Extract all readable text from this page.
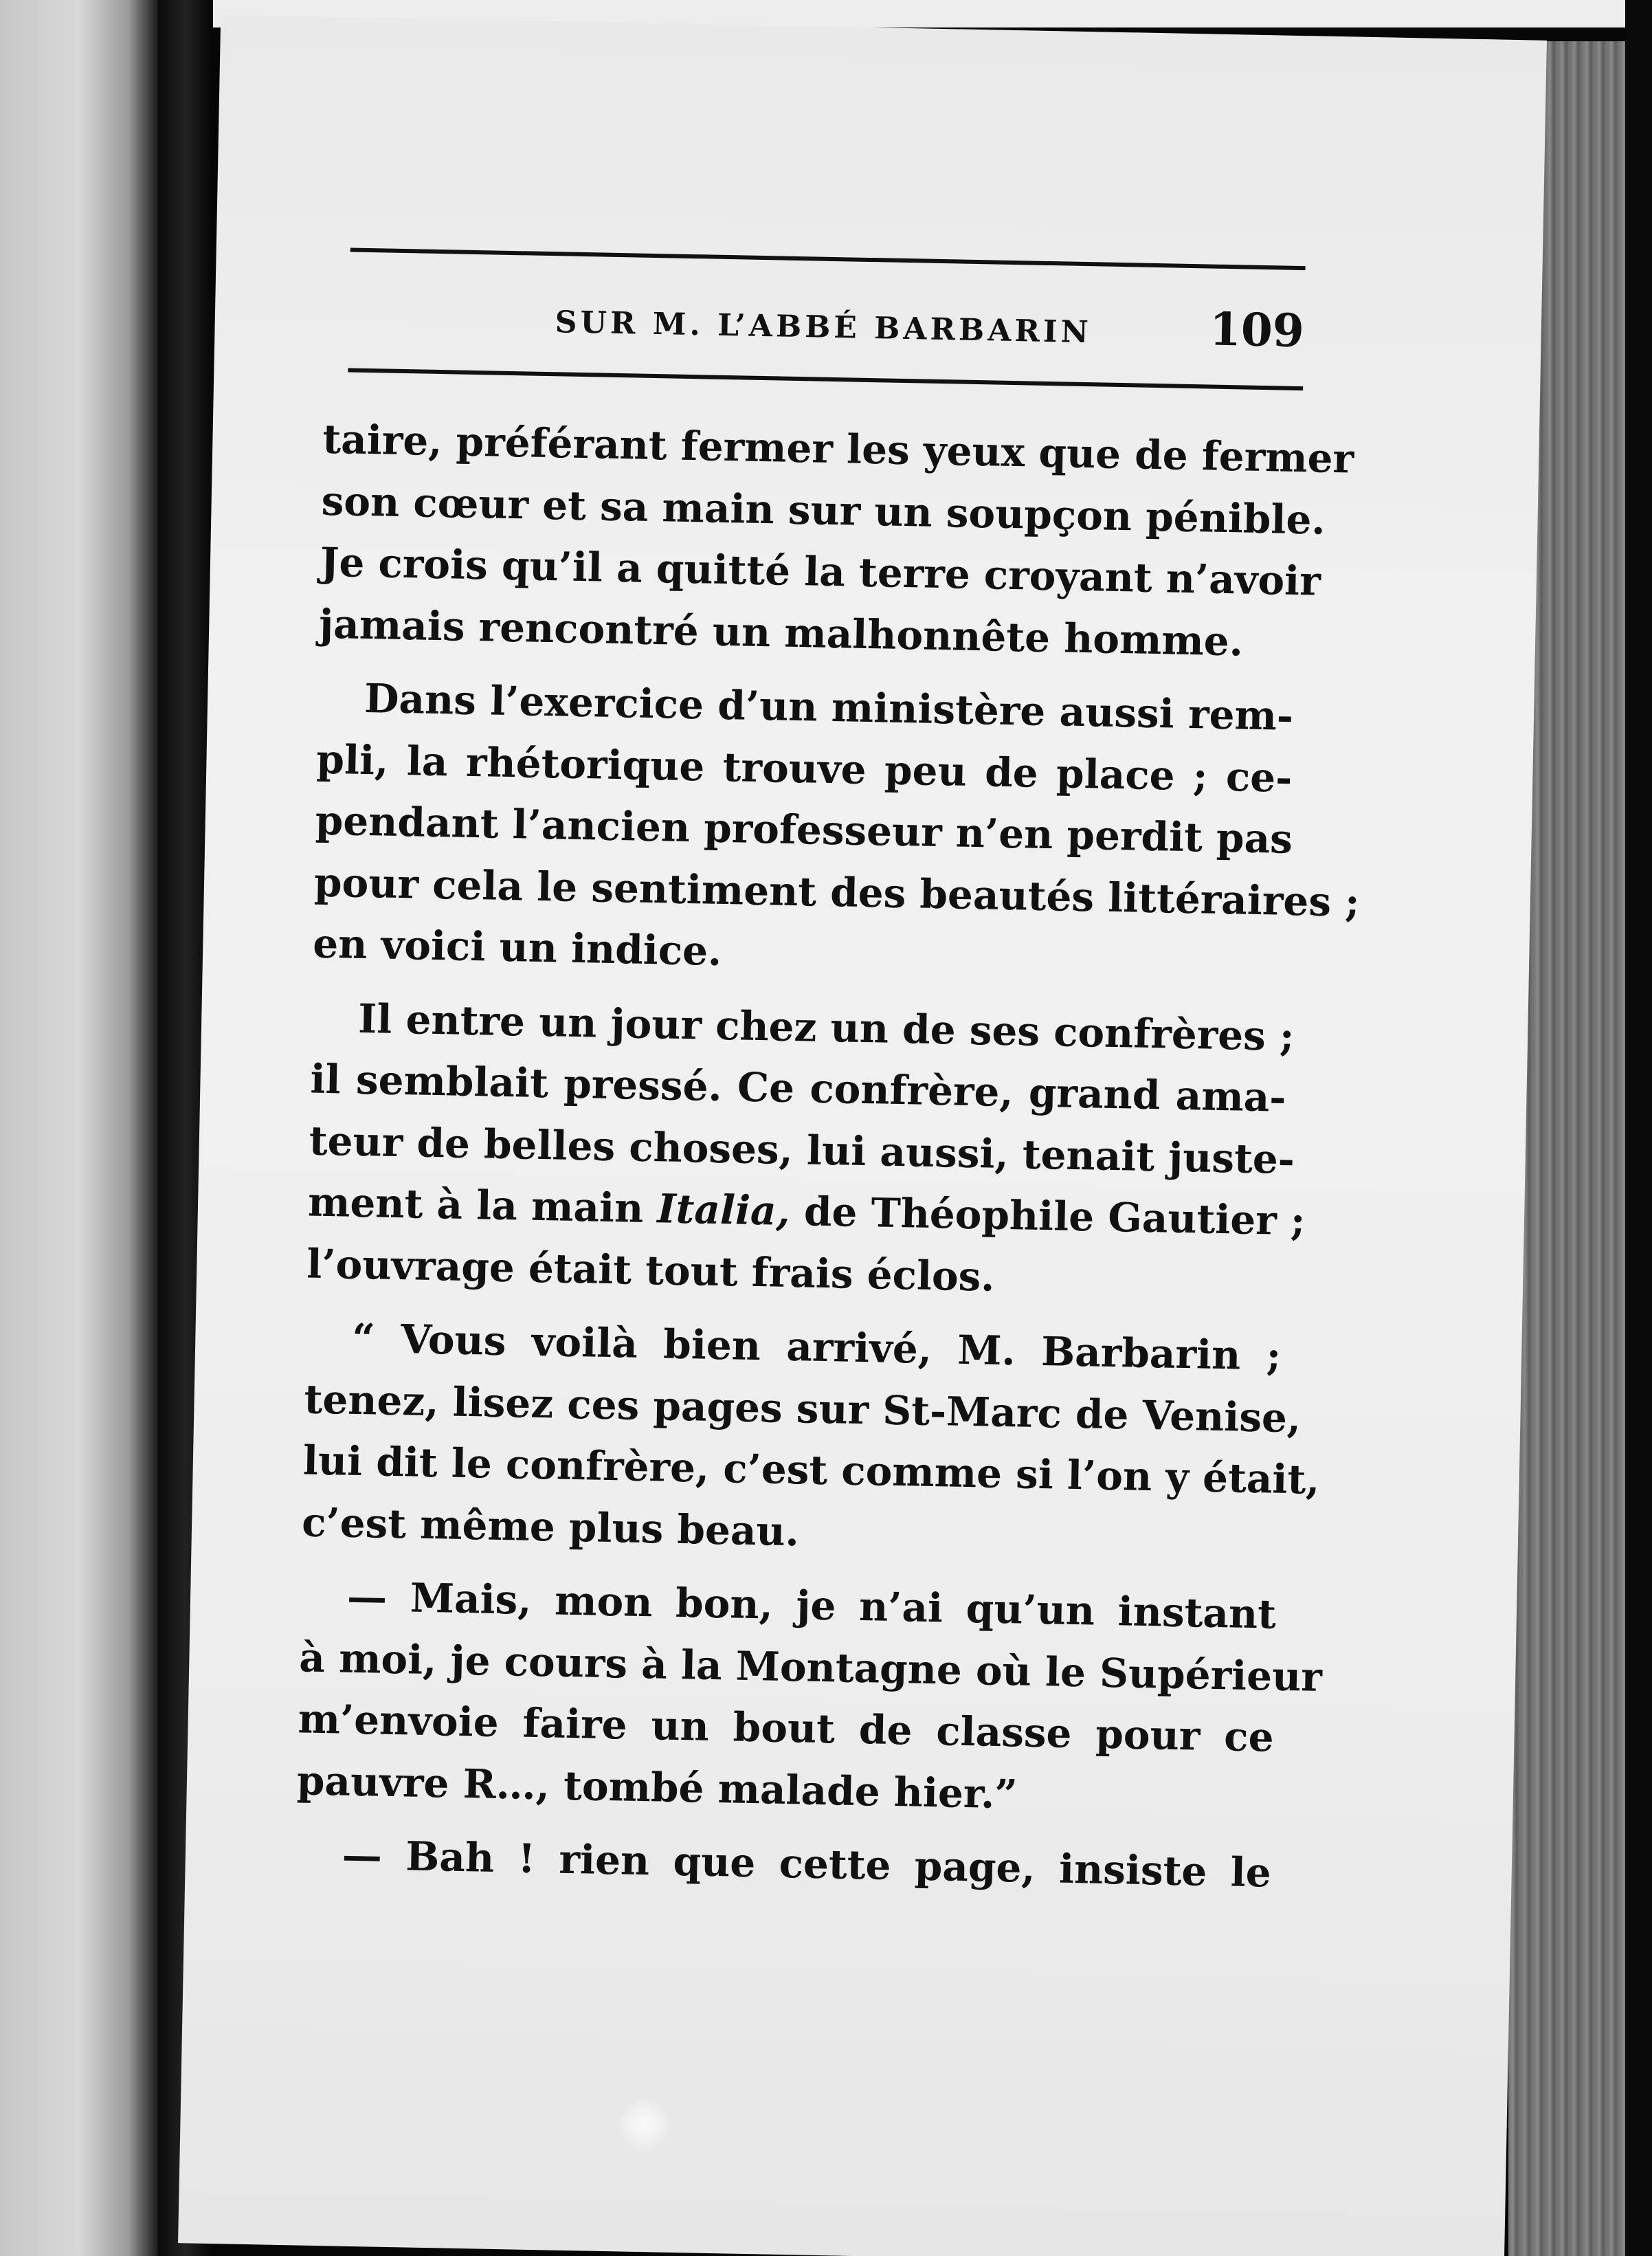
SUR M. L’ABBÉ BARBARIN	109
taire, préférant fermer les yeux que de fermer
son cœur et sa main sur un soupçon pénible.
Je crois qu’il a quitté la terre croyant n’avoir
jamais rencontré un malhonnête homme.
Dans l’exercice d’un ministère aussi rem-
pli, la rhétorique trouve peu de place ; ce-
pendant l’ancien professeur n’en perdit pas
pour cela le sentiment des beautés littéraires ;
en voici un indice.
Il entre un jour chez un de ses confrères ;
il semblait pressé. Ce confrère, grand ama-
teur de belles choses, lui aussi, tenait juste-
ment à la main Italia, de Théophile Gautier ;
l’ouvrage était tout frais éclos.
“ Vous voilà bien arrivé, M. Barbarin ;
tenez, lisez ces pages sur St-Marc de Venise,
lui dit le confrère, c’est comme si l’on y était,
c’est même plus beau.
— Mais, mon bon, je n’ai qu’un instant
à moi, je cours à la Montagne où le Supérieur
m’envoie faire un bout de classe pour ce
pauvre R…, tombé malade hier.”
— Bah ! rien que cette page, insiste le
